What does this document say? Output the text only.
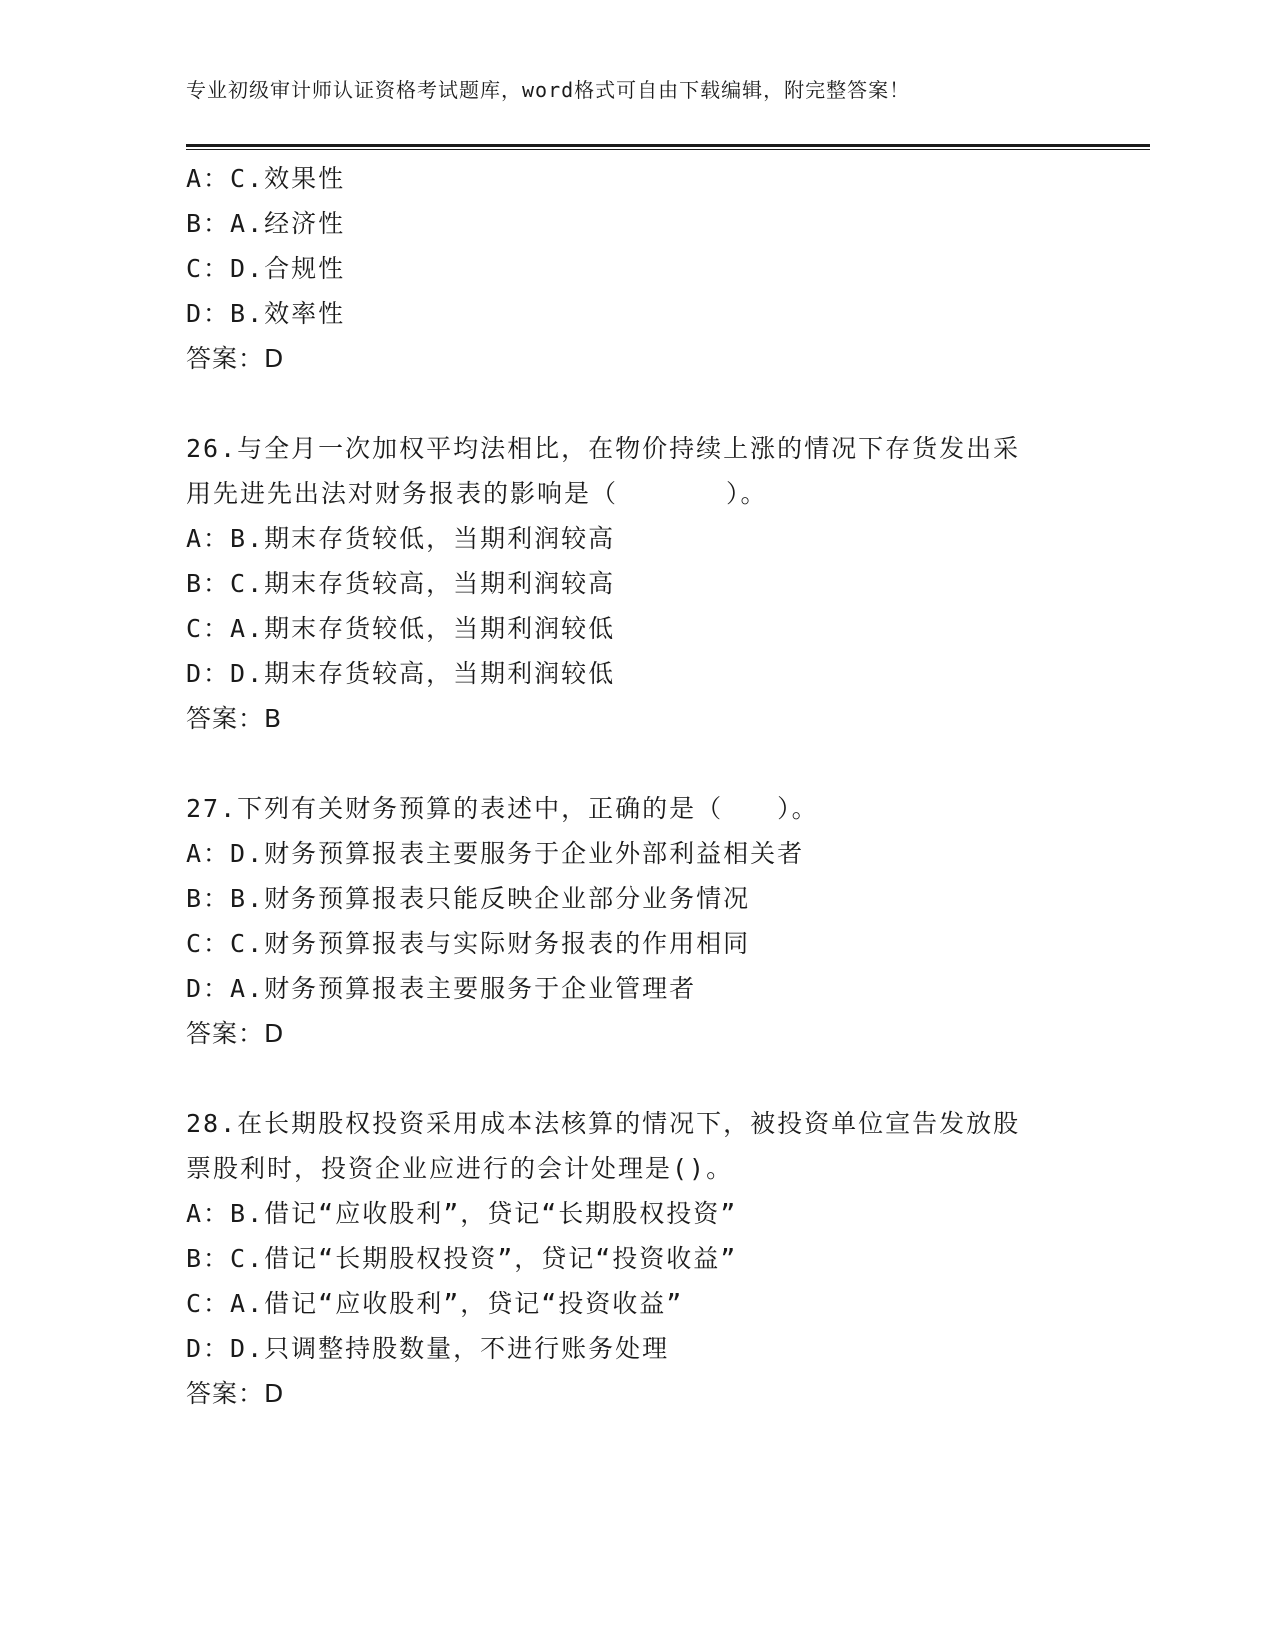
专业初级审计师认证资格考试题库，word格式可自由下载编辑，附完整答案！
A：C.效果性
B：A.经济性
C：D.合规性
D：B.效率性
答案：D
26.与全月一次加权平均法相比，在物价持续上涨的情况下存货发出采
用先进先出法对财务报表的影响是（　　　　）。
A：B.期末存货较低，当期利润较高
B：C.期末存货较高，当期利润较高
C：A.期末存货较低，当期利润较低
D：D.期末存货较高，当期利润较低
答案：B
27.下列有关财务预算的表述中，正确的是（　　）。
A：D.财务预算报表主要服务于企业外部利益相关者
B：B.财务预算报表只能反映企业部分业务情况
C：C.财务预算报表与实际财务报表的作用相同
D：A.财务预算报表主要服务于企业管理者
答案：D
28.在长期股权投资采用成本法核算的情况下，被投资单位宣告发放股
票股利时，投资企业应进行的会计处理是()。
A：B.借记“应收股利”，贷记“长期股权投资”
B：C.借记“长期股权投资”，贷记“投资收益”
C：A.借记“应收股利”，贷记“投资收益”
D：D.只调整持股数量，不进行账务处理
答案：D
